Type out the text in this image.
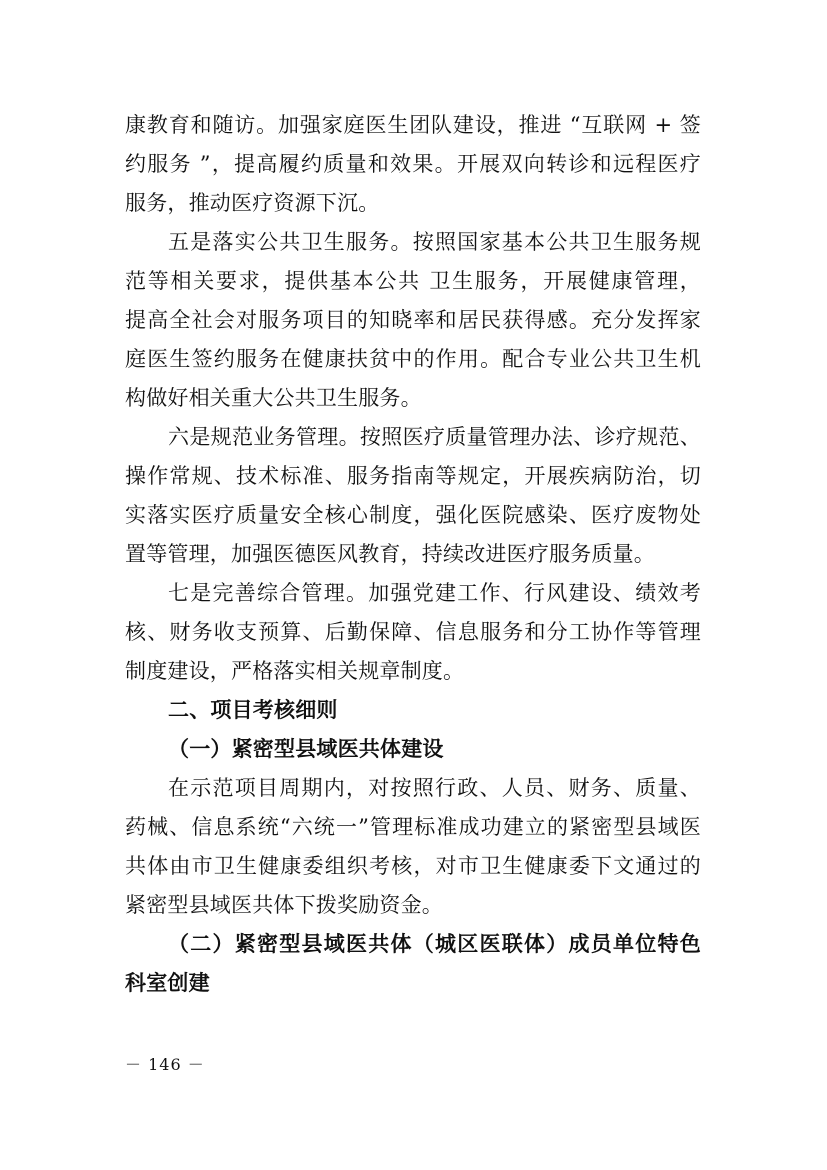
康教育和随访。加强家庭医生团队建设，推进 “互联网 + 签
约服务 ”，提高履约质量和效果。开展双向转诊和远程医疗
服务，推动医疗资源下沉。
五是落实公共卫生服务。按照国家基本公共卫生服务规
范等相关要求，提供基本公共 卫生服务，开展健康管理，
提高全社会对服务项目的知晓率和居民获得感。充分发挥家
庭医生签约服务在健康扶贫中的作用。配合专业公共卫生机
构做好相关重大公共卫生服务。
六是规范业务管理。按照医疗质量管理办法、诊疗规范、
操作常规、技术标准、服务指南等规定，开展疾病防治，切
实落实医疗质量安全核心制度，强化医院感染、医疗废物处
置等管理，加强医德医风教育，持续改进医疗服务质量。
七是完善综合管理。加强党建工作、行风建设、绩效考
核、财务收支预算、后勤保障、信息服务和分工协作等管理
制度建设，严格落实相关规章制度。
二、项目考核细则
（一）紧密型县域医共体建设
在示范项目周期内，对按照行政、人员、财务、质量、
药械、信息系统“六统一”管理标准成功建立的紧密型县域医
共体由市卫生健康委组织考核，对市卫生健康委下文通过的
紧密型县域医共体下拨奖励资金。
（二）紧密型县域医共体（城区医联体）成员单位特色
科室创建
－ 146 －
